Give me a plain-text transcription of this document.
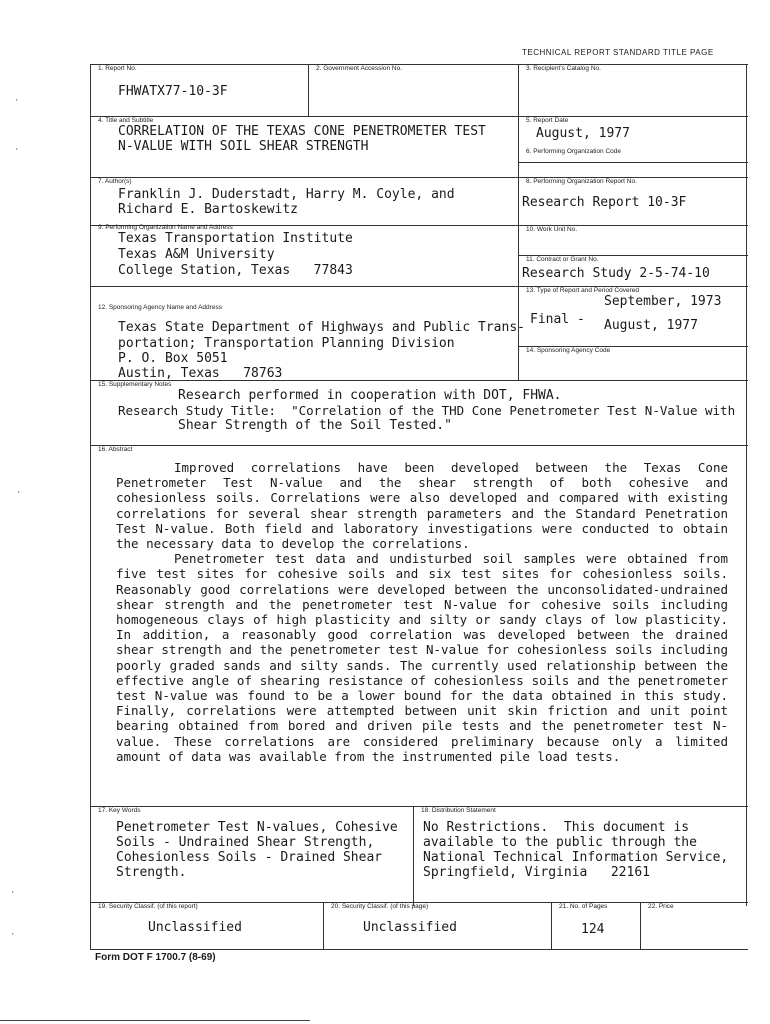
TECHNICAL REPORT STANDARD TITLE PAGE
1. Report No.
FHWATX77-10-3F
2. Government Accession No.	3. Recipient's Catalog No.
4. Title and Subtitle
CORRELATION OF THE TEXAS CONE PENETROMETER TEST
N-VALUE WITH SOIL SHEAR STRENGTH
5. Report Date
August, 1977
6. Performing Organization Code
7. Author(s)
Franklin J. Duderstadt, Harry M. Coyle, and
Richard E. Bartoskewitz
8. Performing Organization Report No.
Research Report 10-3F
9. Performing Organization Name and Address
Texas Transportation Institute
Texas A&M University
College Station, Texas   77843
10. Work Unit No.
11. Contract or Grant No.
Research Study 2-5-74-10
12. Sponsoring Agency Name and Address
Texas State Department of Highways and Public Trans-
portation; Transportation Planning Division
P. O. Box 5051
Austin, Texas   78763
13. Type of Report and Period Covered
September, 1973
Final - August, 1977
14. Sponsoring Agency Code
15. Supplementary Notes
Research performed in cooperation with DOT, FHWA.
Research Study Title:  "Correlation of the THD Cone Penetrometer Test N-Value with
Shear Strength of the Soil Tested."
16. Abstract

Improved correlations have been developed between the Texas Cone Penetrometer Test N-value and the shear strength of both cohesive and cohesionless soils. Correlations were also developed and compared with existing correlations for several shear strength parameters and the Standard Penetration Test N-value. Both field and laboratory investigations were conducted to obtain the necessary data to develop the correlations.

Penetrometer test data and undisturbed soil samples were obtained from five test sites for cohesive soils and six test sites for cohesionless soils. Reasonably good correlations were developed between the unconsolidated-undrained shear strength and the penetrometer test N-value for cohesive soils including homogeneous clays of high plasticity and silty or sandy clays of low plasticity. In addition, a reasonably good correlation was developed between the drained shear strength and the penetrometer test N-value for cohesionless soils including poorly graded sands and silty sands. The currently used relationship between the effective angle of shearing resistance of cohesionless soils and the penetrometer test N-value was found to be a lower bound for the data obtained in this study. Finally, correlations were attempted between unit skin friction and unit point bearing obtained from bored and driven pile tests and the penetrometer test N-value. These correlations are considered preliminary because only a limited amount of data was available from the instrumented pile load tests.

17. Key Words
Penetrometer Test N-values, Cohesive
Soils - Undrained Shear Strength,
Cohesionless Soils - Drained Shear
Strength.
18. Distribution Statement
No Restrictions.  This document is
available to the public through the
National Technical Information Service,
Springfield, Virginia   22161
19. Security Classif. (of this report)
Unclassified
20. Security Classif. (of this page)
Unclassified
21. No. of Pages
124
22. Price
Form DOT F 1700.7 (8-69)
·
·
·
·
·
